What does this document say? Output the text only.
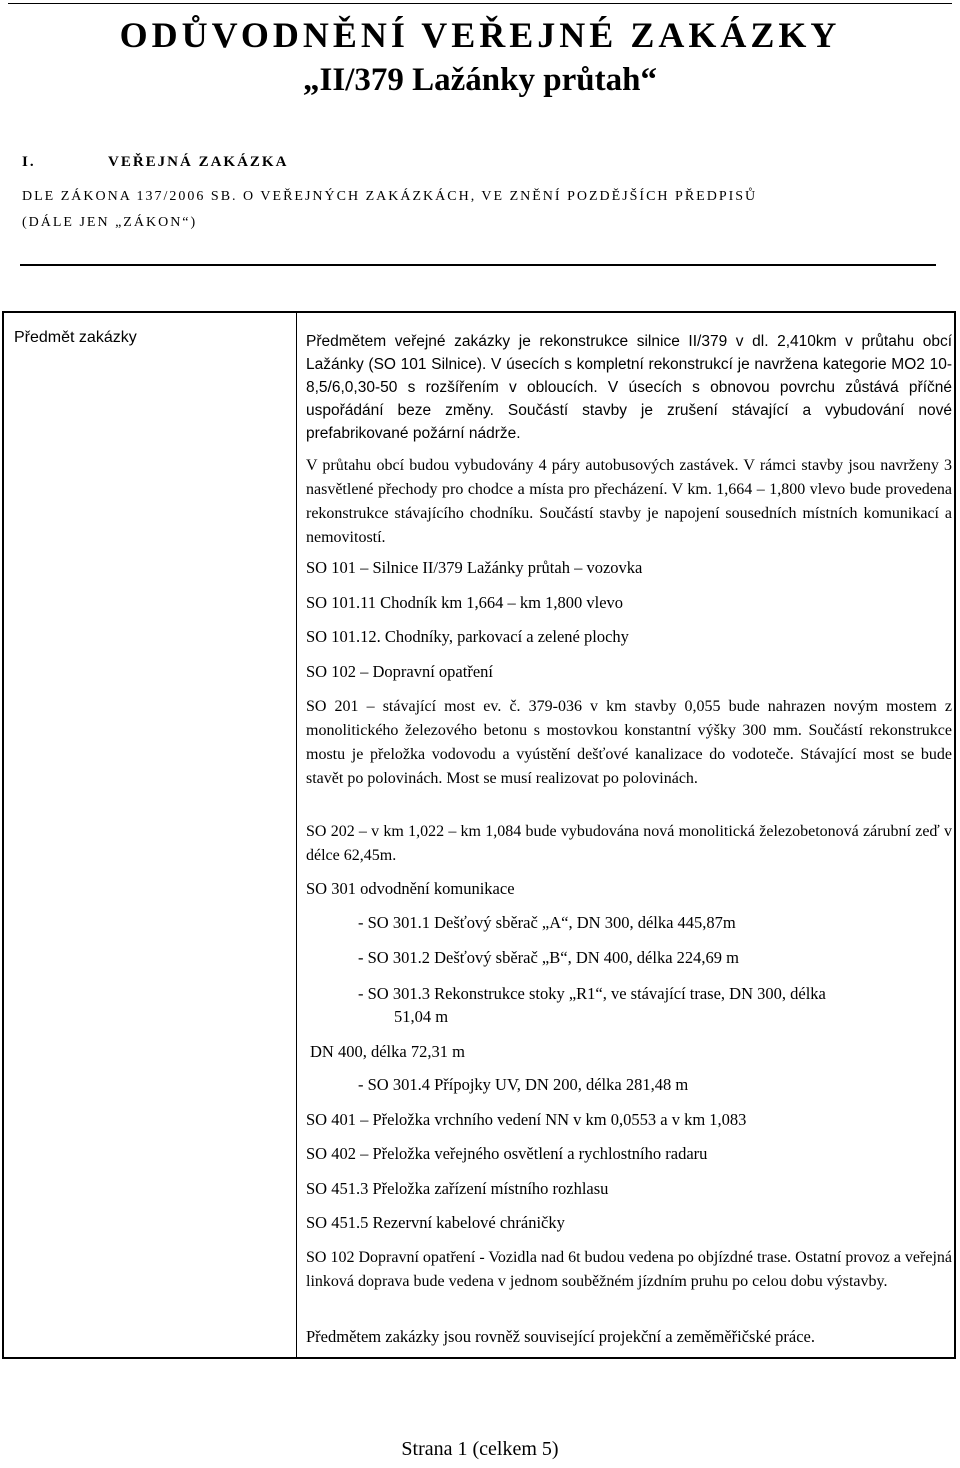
ODŮVODNĚNÍ VEŘEJNÉ ZAKÁZKY
„II/379 Lažánky průtah“
I.	VEŘEJNÁ ZAKÁZKA
DLE ZÁKONA 137/2006 SB. O VEŘEJNÝCH ZAKÁZKÁCH, VE ZNĚNÍ POZDĚJŠÍCH PŘEDPISŮ
(DÁLE JEN „ZÁKON“)
Předmět zakázky	Předmětem veřejné zakázky je rekonstrukce silnice II/379 v dl. 2,410km v průtahu obcí Lažánky (SO 101 Silnice). V úsecích s kompletní rekonstrukcí je navržena kategorie MO2 10-8,5/6,0,30-50 s rozšířením v obloucích. V úsecích s obnovou povrchu zůstává příčné uspořádání beze změny. Součástí stavby je zrušení stávající a vybudování nové prefabrikované požární nádrže.
V průtahu obcí budou vybudovány 4 páry autobusových zastávek. V rámci stavby jsou navrženy 3 nasvětlené přechody pro chodce a místa pro přecházení. V km. 1,664 – 1,800 vlevo bude provedena rekonstrukce stávajícího chodníku. Součástí stavby je napojení sousedních místních komunikací a nemovitostí.
SO 101 – Silnice II/379 Lažánky průtah – vozovka
SO 101.11 Chodník km 1,664 – km 1,800 vlevo
SO 101.12. Chodníky, parkovací a zelené plochy
SO 102 – Dopravní opatření
SO 201 – stávající most ev. č. 379-036 v km stavby 0,055 bude nahrazen novým mostem z monolitického železového betonu s mostovkou konstantní výšky 300 mm. Součástí rekonstrukce mostu je přeložka vodovodu a vyústění dešťové kanalizace do vodoteče. Stávající most se bude stavět po polovinách. Most se musí realizovat po polovinách.
SO 202 – v km 1,022 – km 1,084 bude vybudována nová monolitická železobetonová zárubní zeď v délce 62,45m.
SO 301 odvodnění komunikace
- SO 301.1 Dešťový sběrač „A“, DN 300, délka 445,87m
- SO 301.2 Dešťový sběrač „B“, DN 400, délka 224,69 m
- SO 301.3 Rekonstrukce stoky „R1“, ve stávající trase, DN 300, délka
51,04 m
DN 400, délka 72,31 m
- SO 301.4 Přípojky UV, DN 200, délka 281,48 m
SO 401 – Přeložka vrchního vedení NN v km 0,0553 a v km 1,083
SO 402 – Přeložka veřejného osvětlení a rychlostního radaru
SO 451.3 Přeložka zařízení místního rozhlasu
SO 451.5 Rezervní kabelové chráničky
SO 102 Dopravní opatření - Vozidla nad 6t budou vedena po objízdné trase. Ostatní provoz a veřejná linková doprava bude vedena v jednom souběžném jízdním pruhu po celou dobu výstavby.
Předmětem zakázky jsou rovněž související projekční a zeměměřičské práce.
Strana 1 (celkem 5)
